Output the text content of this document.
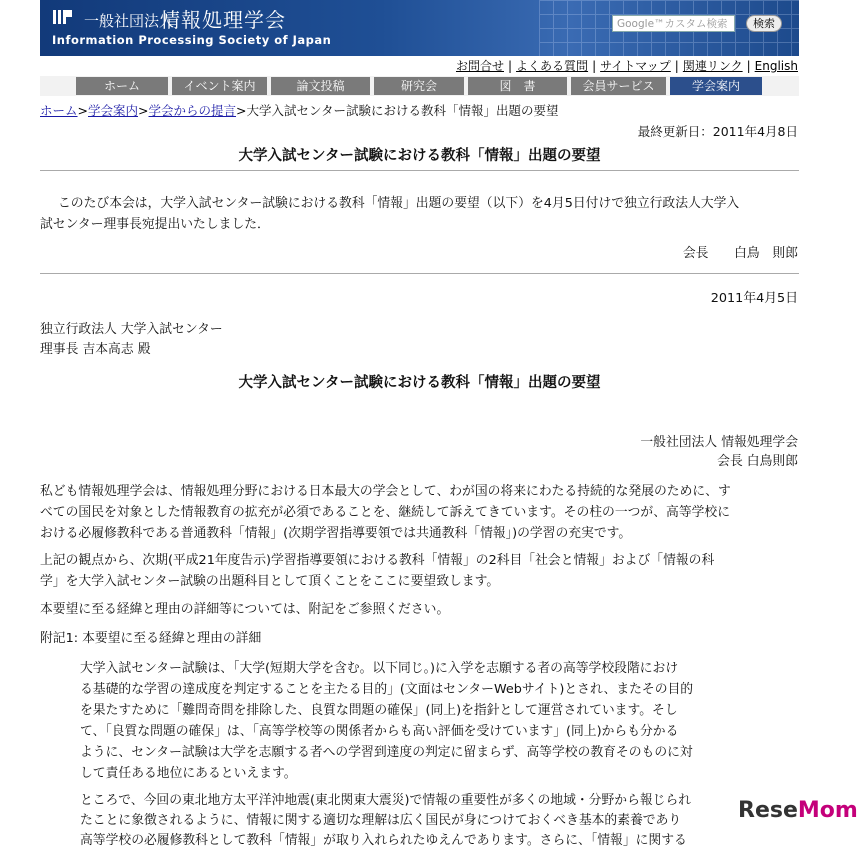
一般社団法人
情報処理学会
Information Processing Society of Japan
Google™カスタム検索	検索
お問合せ | よくある質問 | サイトマップ | 関連リンク | English
ホーム	イベント案内	論文投稿	研究会	図　書	会員サービス	学会案内
ホーム>学会案内>学会からの提言>大学入試センター試験における教科「情報」出題の要望
最終更新日：2011年4月8日
大学入試センター試験における教科「情報」出題の要望
このたび本会は，大学入試センター試験における教科「情報」出題の要望（以下）を4月5日付けで独立行政法人大学入
試センター理事長宛提出いたしました．
会長　　白鳥　則郎
2011年4月5日
独立行政法人 大学入試センター
理事長 吉本高志 殿
大学入試センター試験における教科「情報」出題の要望
一般社団法人 情報処理学会
会長 白鳥則郎
私ども情報処理学会は、情報処理分野における日本最大の学会として、わが国の将来にわたる持続的な発展のために、す
べての国民を対象とした情報教育の拡充が必須であることを、継続して訴えてきています。その柱の一つが、高等学校に
おける必履修教科である普通教科「情報」(次期学習指導要領では共通教科「情報」)の学習の充実です。
上記の観点から、次期(平成21年度告示)学習指導要領における教科「情報」の2科目「社会と情報」および「情報の科
学」を大学入試センター試験の出題科目として頂くことをここに要望致します。
本要望に至る経緯と理由の詳細等については、附記をご参照ください。
附記1: 本要望に至る経緯と理由の詳細
大学入試センター試験は、「大学(短期大学を含む。以下同じ。)に入学を志願する者の高等学校段階におけ
る基礎的な学習の達成度を判定することを主たる目的」(文面はセンターWebサイト)とされ、またその目的
を果たすために「難問奇問を排除した、良質な問題の確保」(同上)を指針として運営されています。そし
て、「良質な問題の確保」は、「高等学校等の関係者からも高い評価を受けています」(同上)からも分かる
ように、センター試験は大学を志願する者への学習到達度の判定に留まらず、高等学校の教育そのものに対
して責任ある地位にあるといえます。
ところで、今回の東北地方太平洋沖地震(東北関東大震災)で情報の重要性が多くの地域・分野から報じられ
たことに象徴されるように、情報に関する適切な理解は広く国民が身につけておくべき基本的素養であり
高等学校の必履修教科として教科「情報」が取り入れられたゆえんであります。さらに、「情報」に関する
ReseMom
